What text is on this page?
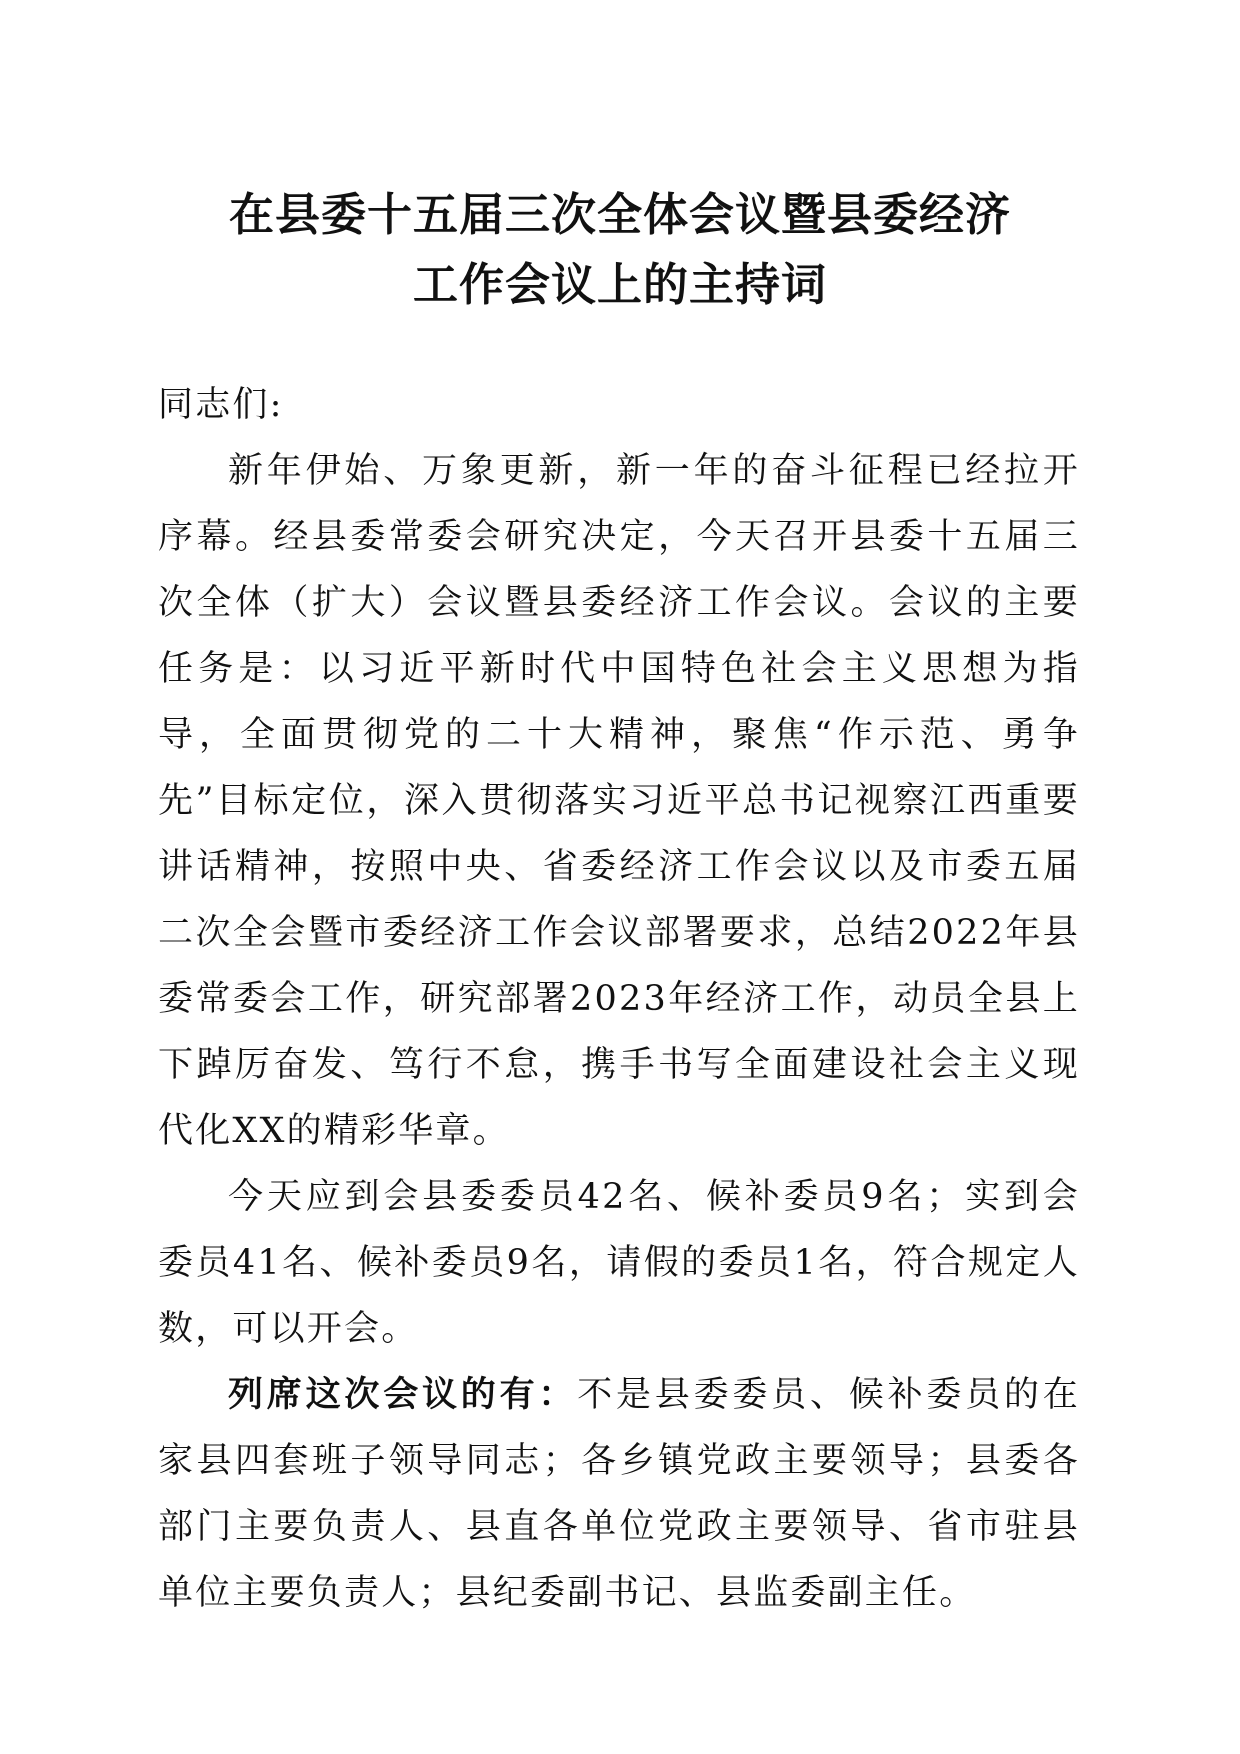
在县委十五届三次全体会议暨县委经济
工作会议上的主持词

同志们:

新年伊始、万象更新，新一年的奋斗征程已经拉开序幕。经县委常委会研究决定，今天召开县委十五届三次全体（扩大）会议暨县委经济工作会议。会议的主要任务是：以习近平新时代中国特色社会主义思想为指导，全面贯彻党的二十大精神，聚焦“作示范、勇争先”目标定位，深入贯彻落实习近平总书记视察江西重要讲话精神，按照中央、省委经济工作会议以及市委五届二次全会暨市委经济工作会议部署要求，总结2022年县委常委会工作，研究部署2023年经济工作，动员全县上下踔厉奋发、笃行不怠，携手书写全面建设社会主义现代化XX的精彩华章。

今天应到会县委委员42名、候补委员9名；实到会委员41名、候补委员9名，请假的委员1名，符合规定人数，可以开会。

列席这次会议的有：不是县委委员、候补委员的在家县四套班子领导同志；各乡镇党政主要领导；县委各部门主要负责人、县直各单位党政主要领导、省市驻县单位主要负责人；县纪委副书记、县监委副主任。
